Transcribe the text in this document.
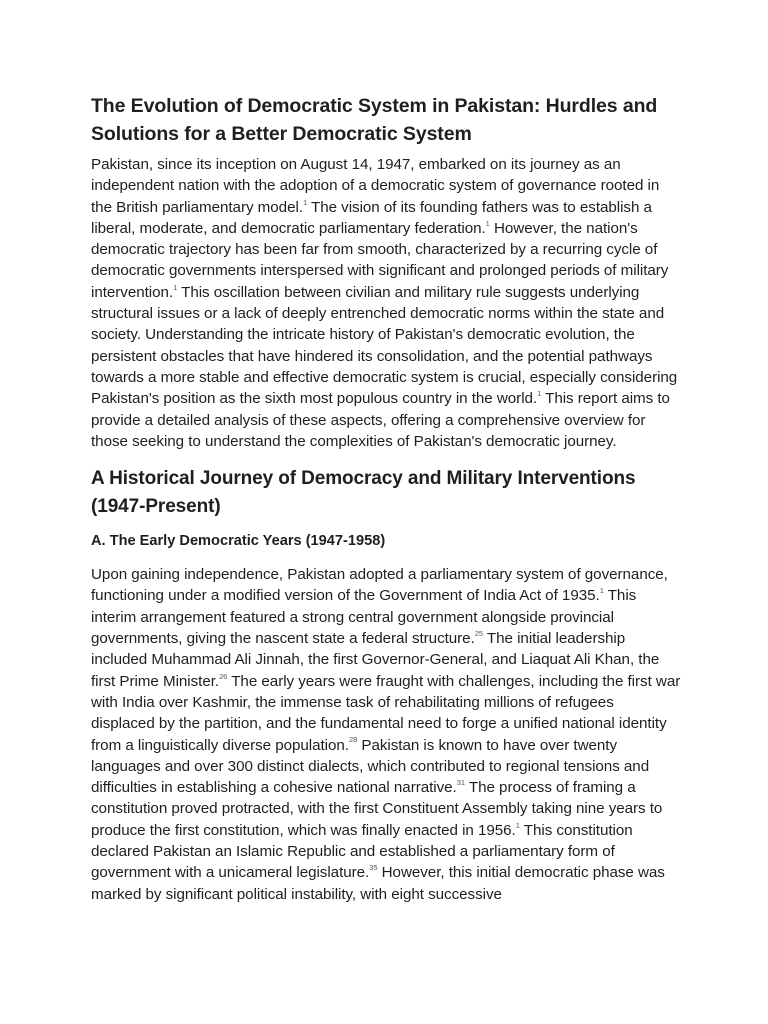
The Evolution of Democratic System in Pakistan: Hurdles and Solutions for a Better Democratic System

Pakistan, since its inception on August 14, 1947, embarked on its journey as an independent nation with the adoption of a democratic system of governance rooted in the British parliamentary model.$^1$ The vision of its founding fathers was to establish a liberal, moderate, and democratic parliamentary federation.$^1$ However, the nation's democratic trajectory has been far from smooth, characterized by a recurring cycle of democratic governments interspersed with significant and prolonged periods of military intervention.$^1$ This oscillation between civilian and military rule suggests underlying structural issues or a lack of deeply entrenched democratic norms within the state and society. Understanding the intricate history of Pakistan's democratic evolution, the persistent obstacles that have hindered its consolidation, and the potential pathways towards a more stable and effective democratic system is crucial, especially considering Pakistan's position as the sixth most populous country in the world.$^1$ This report aims to provide a detailed analysis of these aspects, offering a comprehensive overview for those seeking to understand the complexities of Pakistan's democratic journey.

A Historical Journey of Democracy and Military Interventions (1947-Present)
A. The Early Democratic Years (1947-1958)

Upon gaining independence, Pakistan adopted a parliamentary system of governance, functioning under a modified version of the Government of India Act of 1935.$^1$ This interim arrangement featured a strong central government alongside provincial governments, giving the nascent state a federal structure.$^{25}$ The initial leadership included Muhammad Ali Jinnah, the first Governor-General, and Liaquat Ali Khan, the first Prime Minister.$^{26}$ The early years were fraught with challenges, including the first war with India over Kashmir, the immense task of rehabilitating millions of refugees displaced by the partition, and the fundamental need to forge a unified national identity from a linguistically diverse population.$^{28}$ Pakistan is known to have over twenty languages and over 300 distinct dialects, which contributed to regional tensions and difficulties in establishing a cohesive national narrative.$^{31}$ The process of framing a constitution proved protracted, with the first Constituent Assembly taking nine years to produce the first constitution, which was finally enacted in 1956.$^1$ This constitution declared Pakistan an Islamic Republic and established a parliamentary form of government with a unicameral legislature.$^{35}$ However, this initial democratic phase was marked by significant political instability, with eight successive
